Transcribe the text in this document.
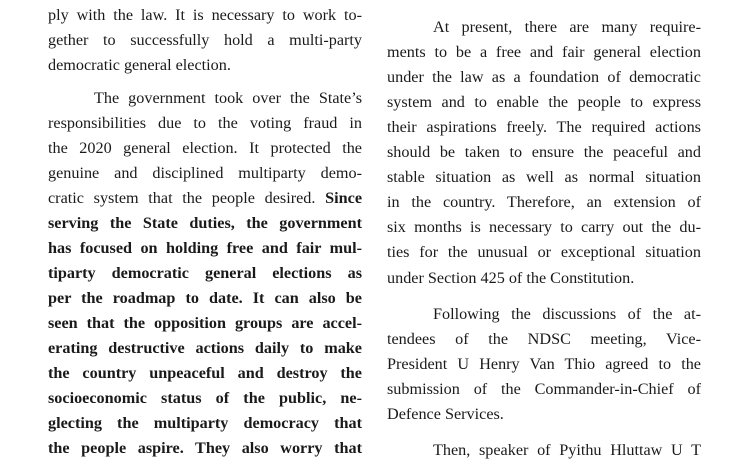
ply with the law. It is necessary to work to-
gether to successfully hold a multi-party
democratic general election.
The government took over the State’s
responsibilities due to the voting fraud in
the 2020 general election. It protected the
genuine and disciplined multiparty demo-
cratic system that the people desired. Since
serving the State duties, the government
has focused on holding free and fair mul-
tiparty democratic general elections as
per the roadmap to date. It can also be
seen that the opposition groups are accel-
erating destructive actions daily to make
the country unpeaceful and destroy the
socioeconomic status of the public, ne-
glecting the multiparty democracy that
the people aspire. They also worry that
At present, there are many require-
ments to be a free and fair general election
under the law as a foundation of democratic
system and to enable the people to express
their aspirations freely. The required actions
should be taken to ensure the peaceful and
stable situation as well as normal situation
in the country. Therefore, an extension of
six months is necessary to carry out the du-
ties for the unusual or exceptional situation
under Section 425 of the Constitution.
Following the discussions of the at-
tendees of the NDSC meeting, Vice-
President U Henry Van Thio agreed to the
submission of the Commander-in-Chief of
Defence Services.
Then, speaker of Pyithu Hluttaw U T
